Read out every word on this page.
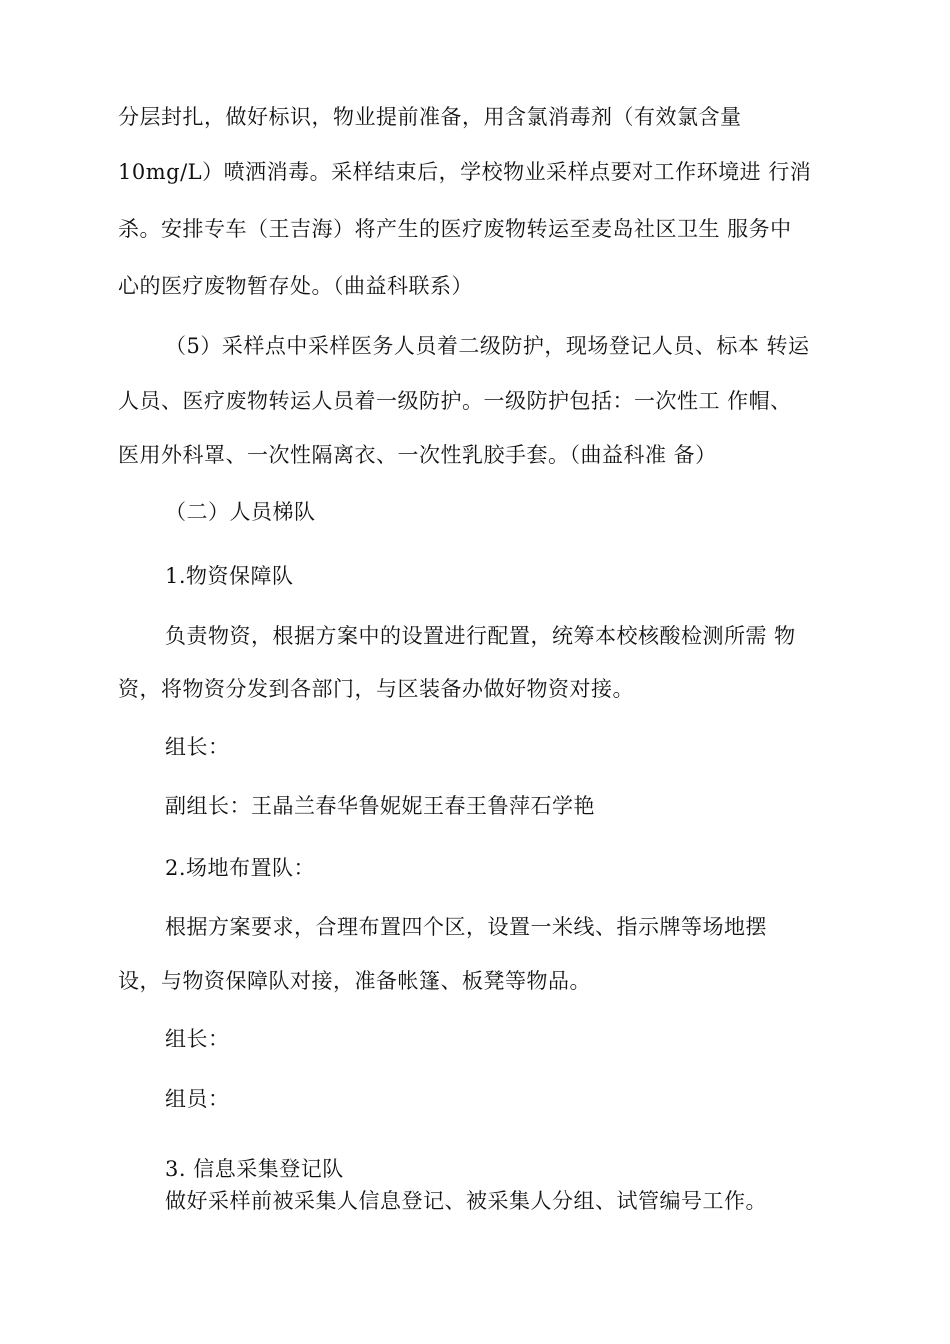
分层封扎，做好标识，物业提前准备，用含氯消毒剂（有效氯含量
10mg/L）喷洒消毒。采样结束后，学校物业采样点要对工作环境进 行消
杀。安排专车（王吉海）将产生的医疗废物转运至麦岛社区卫生 服务中
心的医疗废物暂存处。（曲益科联系）
（5）采样点中采样医务人员着二级防护，现场登记人员、标本 转运
人员、医疗废物转运人员着一级防护。一级防护包括：一次性工 作帽、
医用外科罩、一次性隔离衣、一次性乳胶手套。（曲益科准 备）
（二）人员梯队
1.物资保障队
负责物资，根据方案中的设置进行配置，统筹本校核酸检测所需 物
资，将物资分发到各部门，与区装备办做好物资对接。
组长：
副组长：王晶兰春华鲁妮妮王春王鲁萍石学艳
2.场地布置队：
根据方案要求，合理布置四个区，设置一米线、指示牌等场地摆
设，与物资保障队对接，准备帐篷、板凳等物品。
组长：
组员：
3. 信息采集登记队
做好采样前被采集人信息登记、被采集人分组、试管编号工作。
